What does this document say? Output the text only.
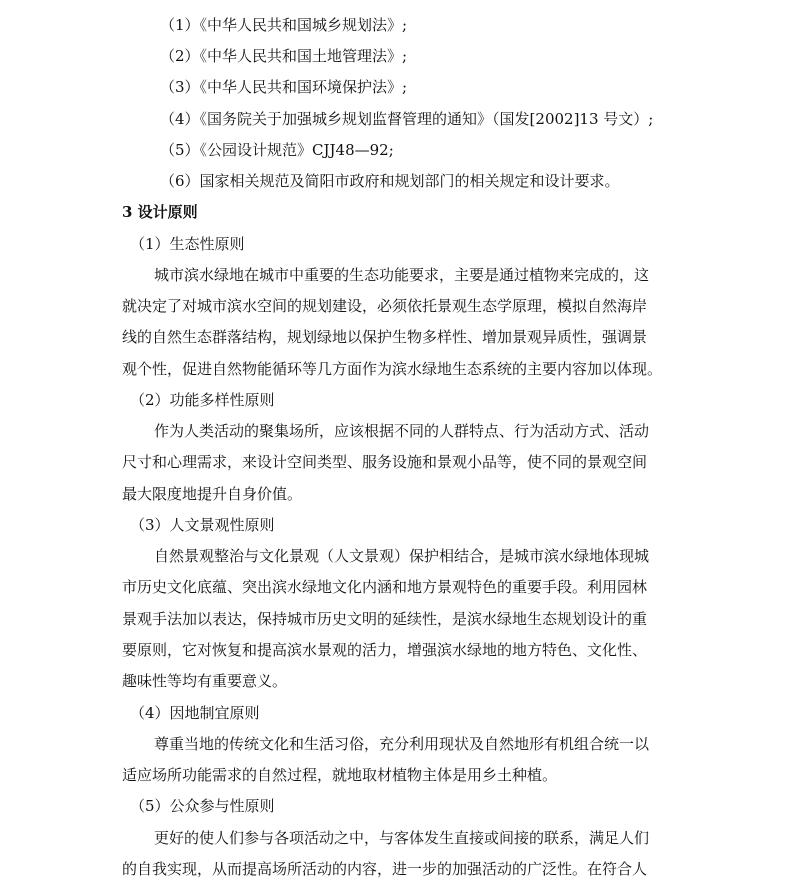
（1）《中华人民共和国城乡规划法》;
（2）《中华人民共和国土地管理法》;
（3）《中华人民共和国环境保护法》;
（4）《国务院关于加强城乡规划监督管理的通知》（国发[2002]13 号文）;
（5）《公园设计规范》CJJ48—92;
（6）国家相关规范及简阳市政府和规划部门的相关规定和设计要求。
3 设计原则
（1）生态性原则
城市滨水绿地在城市中重要的生态功能要求，主要是通过植物来完成的，这
就决定了对城市滨水空间的规划建设，必须依托景观生态学原理，模拟自然海岸
线的自然生态群落结构，规划绿地以保护生物多样性、增加景观异质性，强调景
观个性，促进自然物能循环等几方面作为滨水绿地生态系统的主要内容加以体现。
（2）功能多样性原则
作为人类活动的聚集场所，应该根据不同的人群特点、行为活动方式、活动
尺寸和心理需求，来设计空间类型、服务设施和景观小品等，使不同的景观空间
最大限度地提升自身价值。
（3）人文景观性原则
自然景观整治与文化景观（人文景观）保护相结合，是城市滨水绿地体现城
市历史文化底蕴、突出滨水绿地文化内涵和地方景观特色的重要手段。利用园林
景观手法加以表达，保持城市历史文明的延续性，是滨水绿地生态规划设计的重
要原则，它对恢复和提高滨水景观的活力，增强滨水绿地的地方特色、文化性、
趣味性等均有重要意义。
（4）因地制宜原则
尊重当地的传统文化和生活习俗，充分利用现状及自然地形有机组合统一以
适应场所功能需求的自然过程，就地取材植物主体是用乡土种植。
（5）公众参与性原则
更好的使人们参与各项活动之中，与客体发生直接或间接的联系，满足人们
的自我实现，从而提高场所活动的内容，进一步的加强活动的广泛性。在符合人
